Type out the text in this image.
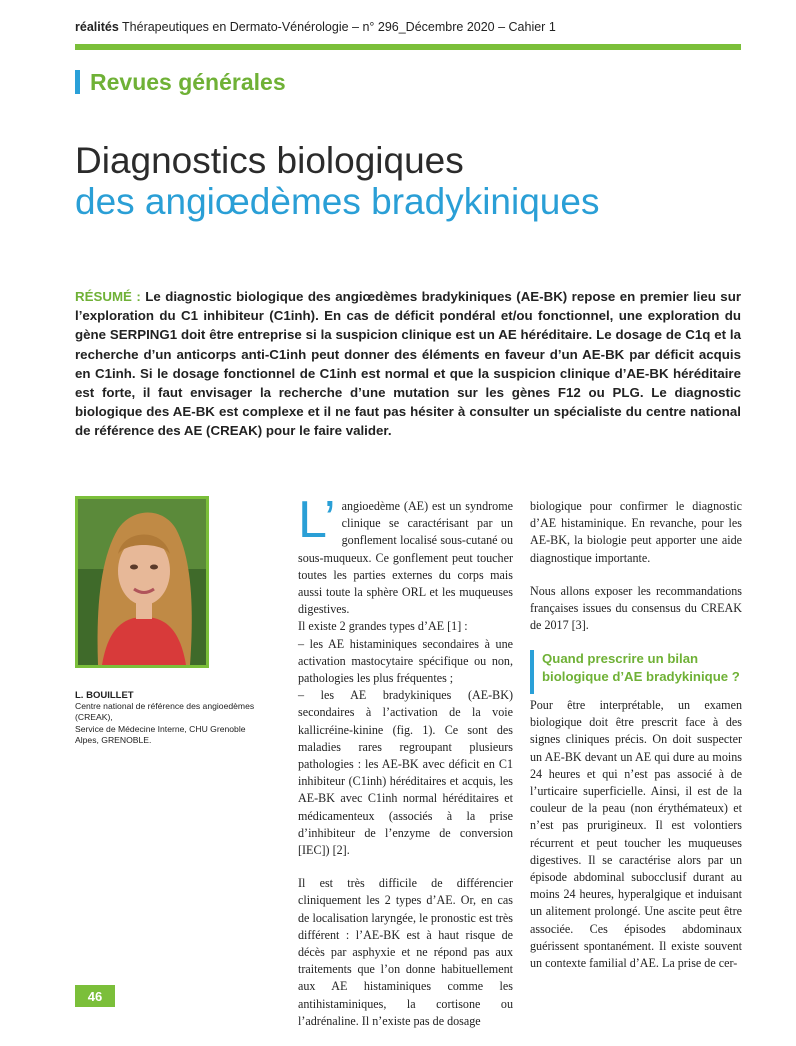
réalités Thérapeutiques en Dermato-Vénérologie – n° 296_Décembre 2020 – Cahier 1
Revues générales
Diagnostics biologiques
des angiœdèmes bradykiniques
RÉSUMÉ : Le diagnostic biologique des angiœdèmes bradykiniques (AE-BK) repose en premier lieu sur l’exploration du C1 inhibiteur (C1inh). En cas de déficit pondéral et/ou fonctionnel, une exploration du gène SERPING1 doit être entreprise si la suspicion clinique est un AE héréditaire. Le dosage de C1q et la recherche d’un anticorps anti-C1inh peut donner des éléments en faveur d’un AE-BK par déficit acquis en C1inh. Si le dosage fonctionnel de C1inh est normal et que la suspicion clinique d’AE-BK héréditaire est forte, il faut envisager la recherche d’une mutation sur les gènes F12 ou PLG. Le diagnostic biologique des AE-BK est complexe et il ne faut pas hésiter à consulter un spécialiste du centre national de référence des AE (CREAK) pour le faire valider.
L. BOUILLET
Centre national de référence des angioedèmes (CREAK),
Service de Médecine Interne, CHU Grenoble Alpes, GRENOBLE.

L’ angioedème (AE) est un syndrome clinique se caractérisant par un gonflement localisé sous-cutané ou sous-muqueux. Ce gonflement peut toucher toutes les parties externes du corps mais aussi toute la sphère ORL et les muqueuses digestives.
Il existe 2 grandes types d’AE [1] :
– les AE histaminiques secondaires à une activation mastocytaire spécifique ou non, pathologies les plus fréquentes ;
– les AE bradykiniques (AE-BK) secondaires à l’activation de la voie kallicréine-kinine (fig. 1). Ce sont des maladies rares regroupant plusieurs pathologies : les AE-BK avec déficit en C1 inhibiteur (C1inh) héréditaires et acquis, les AE-BK avec C1inh normal héréditaires et médicamenteux (associés à la prise d’inhibiteur de l’enzyme de conversion [IEC]) [2].

Il est très difficile de différencier cliniquement les 2 types d’AE. Or, en cas de localisation laryngée, le pronostic est très différent : l’AE-BK est à haut risque de décès par asphyxie et ne répond pas aux traitements que l’on donne habituellement aux AE histaminiques comme les antihistaminiques, la cortisone ou l’adrénaline. Il n’existe pas de dosage

biologique pour confirmer le diagnostic d’AE histaminique. En revanche, pour les AE-BK, la biologie peut apporter une aide diagnostique importante.

Nous allons exposer les recommandations françaises issues du consensus du CREAK de 2017 [3].

Quand prescrire un bilan biologique d’AE bradykinique ?

Pour être interprétable, un examen biologique doit être prescrit face à des signes cliniques précis. On doit suspecter un AE-BK devant un AE qui dure au moins 24 heures et qui n’est pas associé à de l’urticaire superficielle. Ainsi, il est de la couleur de la peau (non érythémateux) et n’est pas prurigineux. Il est volontiers récurrent et peut toucher les muqueuses digestives. Il se caractérise alors par un épisode abdominal subocclusif durant au moins 24 heures, hyperalgique et induisant un alitement prolongé. Une ascite peut être associée. Ces épisodes abdominaux guérissent spontanément. Il existe souvent un contexte familial d’AE. La prise de cer-

46
